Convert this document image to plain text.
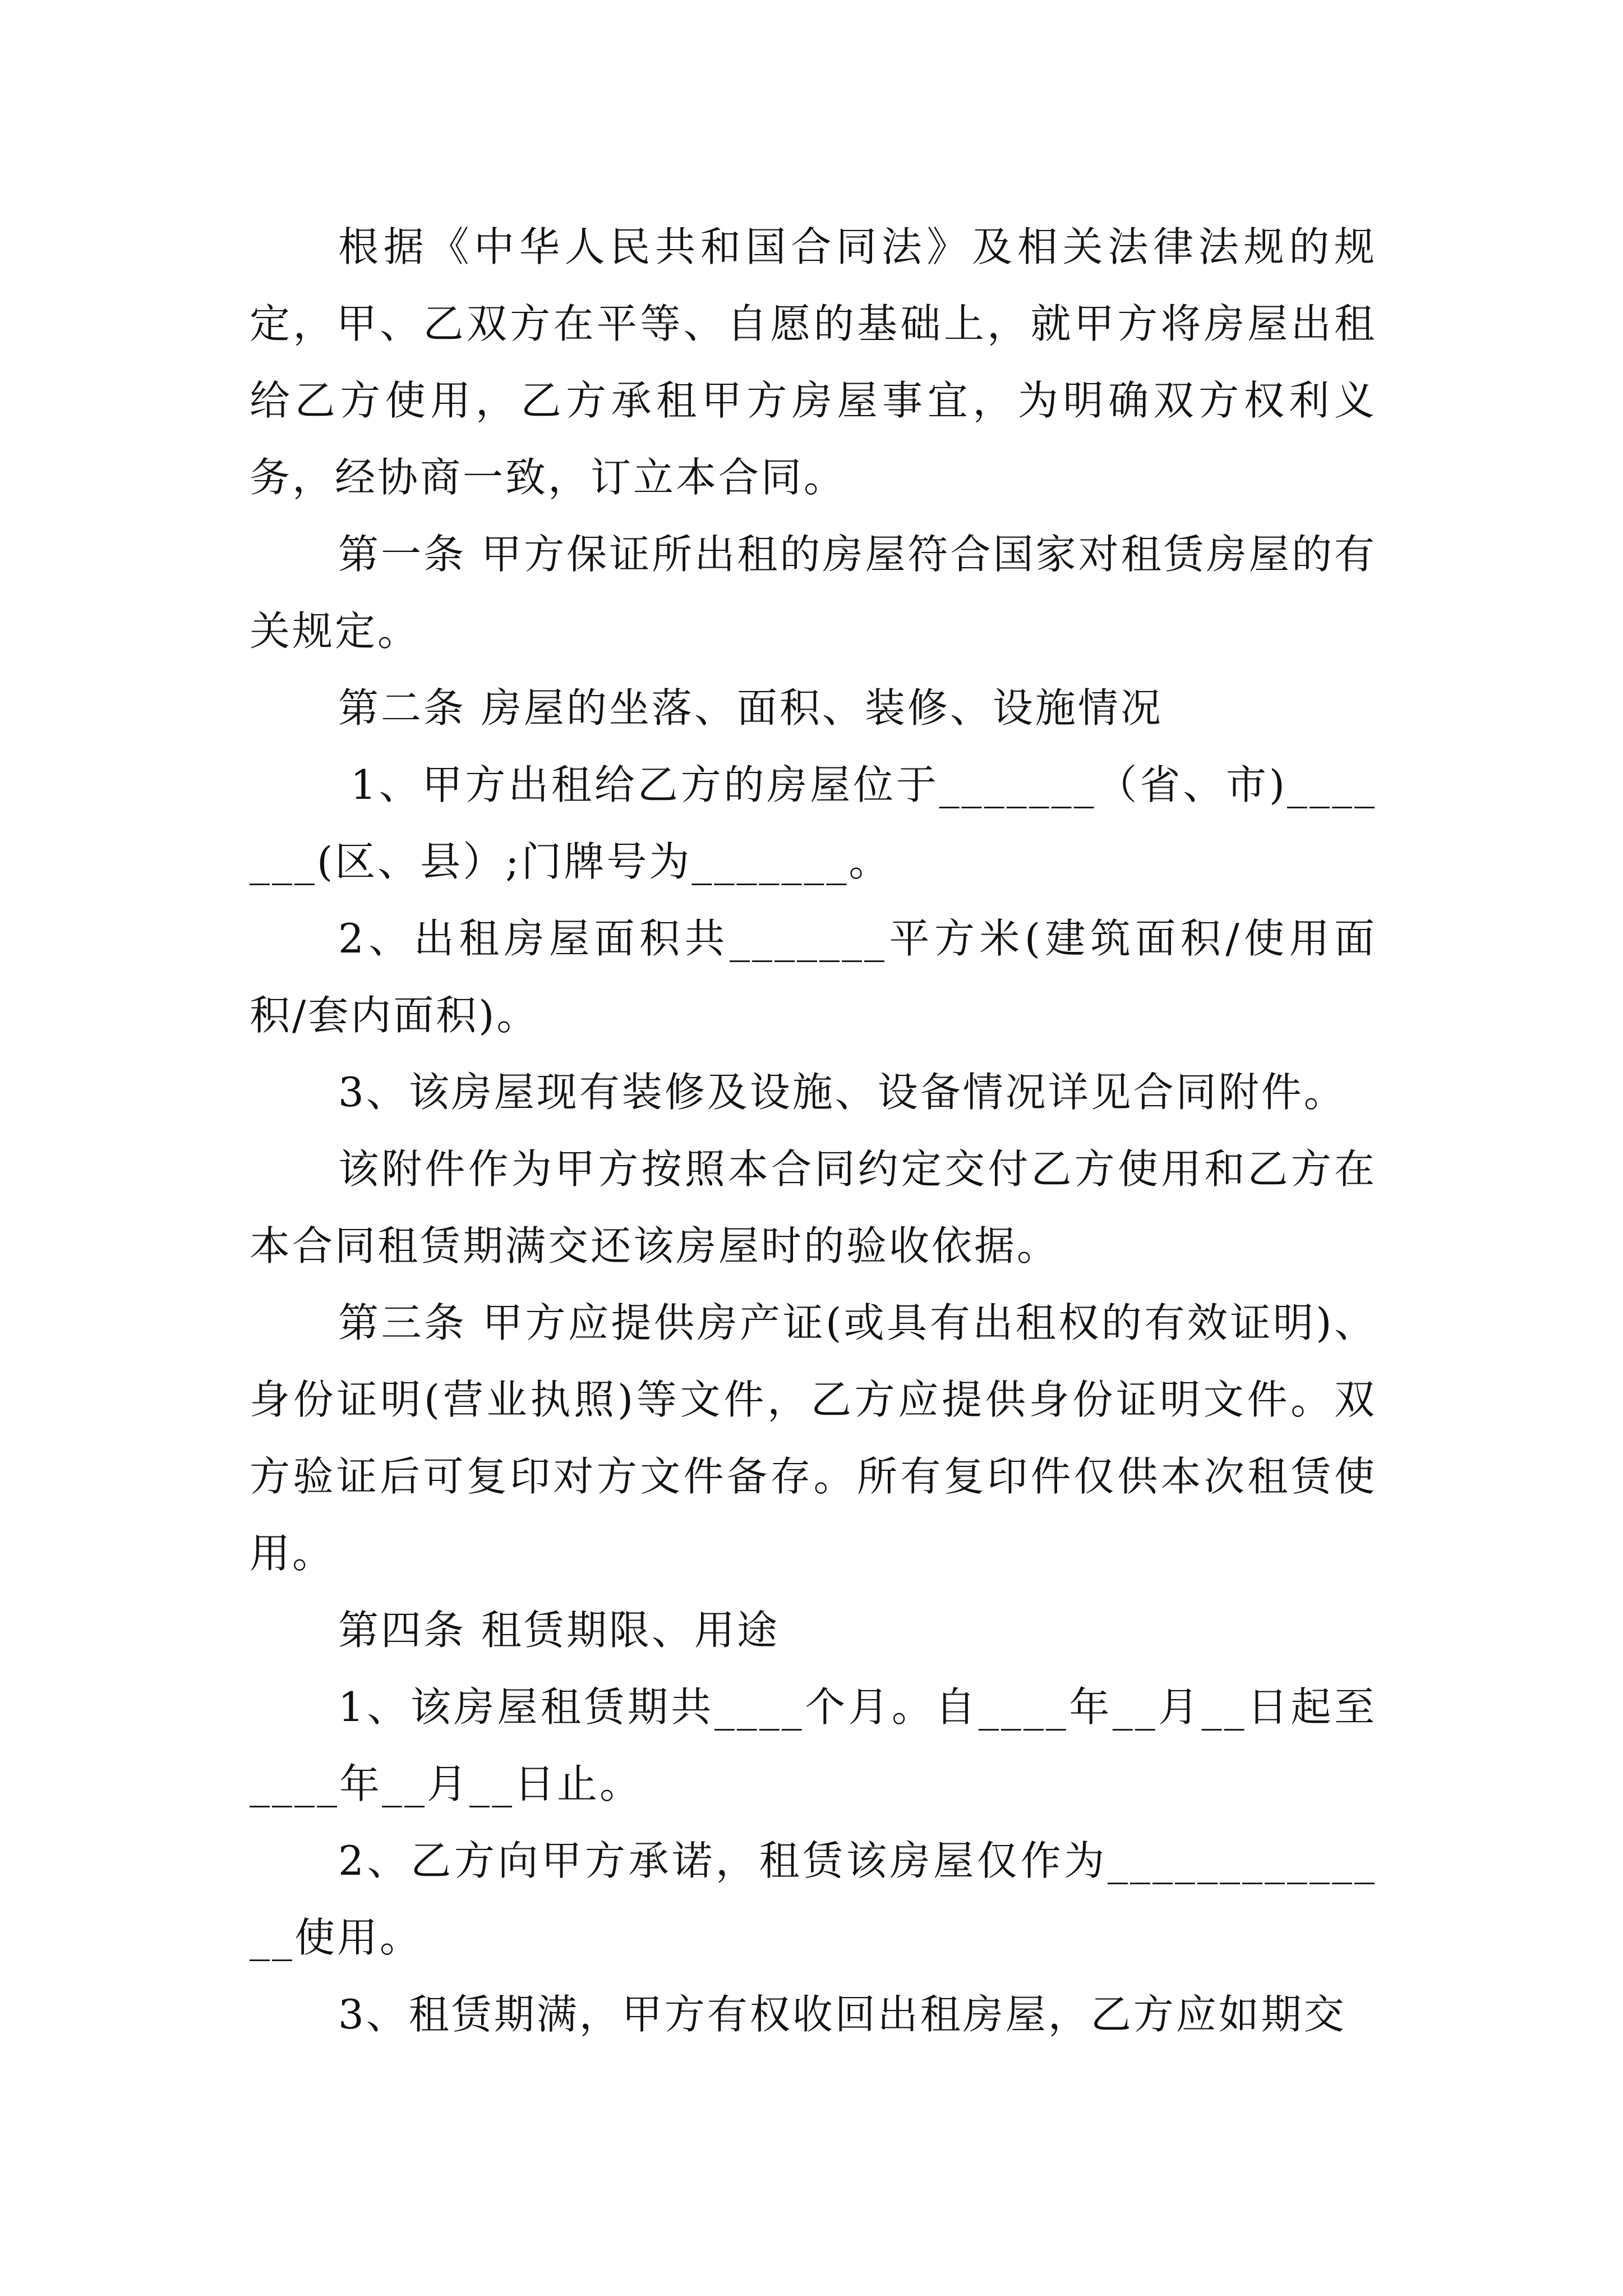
根据《中华人民共和国合同法》及相关法律法规的规定，甲、乙双方在平等、自愿的基础上，就甲方将房屋出租给乙方使用，乙方承租甲方房屋事宜，为明确双方权利义务，经协商一致，订立本合同。

第一条 甲方保证所出租的房屋符合国家对租赁房屋的有关规定。

第二条 房屋的坐落、面积、装修、设施情况

1、甲方出租给乙方的房屋位于_______（省、市)_______(区、县）;门牌号为_______。

2、出租房屋面积共_______平方米(建筑面积/使用面积/套内面积)。

3、该房屋现有装修及设施、设备情况详见合同附件。

该附件作为甲方按照本合同约定交付乙方使用和乙方在本合同租赁期满交还该房屋时的验收依据。

第三条 甲方应提供房产证(或具有出租权的有效证明)、身份证明(营业执照)等文件，乙方应提供身份证明文件。双方验证后可复印对方文件备存。所有复印件仅供本次租赁使用。

第四条 租赁期限、用途

1、该房屋租赁期共____个月。自____年__月__日起至____年__月__日止。

2、乙方向甲方承诺，租赁该房屋仅作为______________使用。

3、租赁期满，甲方有权收回出租房屋，乙方应如期交
